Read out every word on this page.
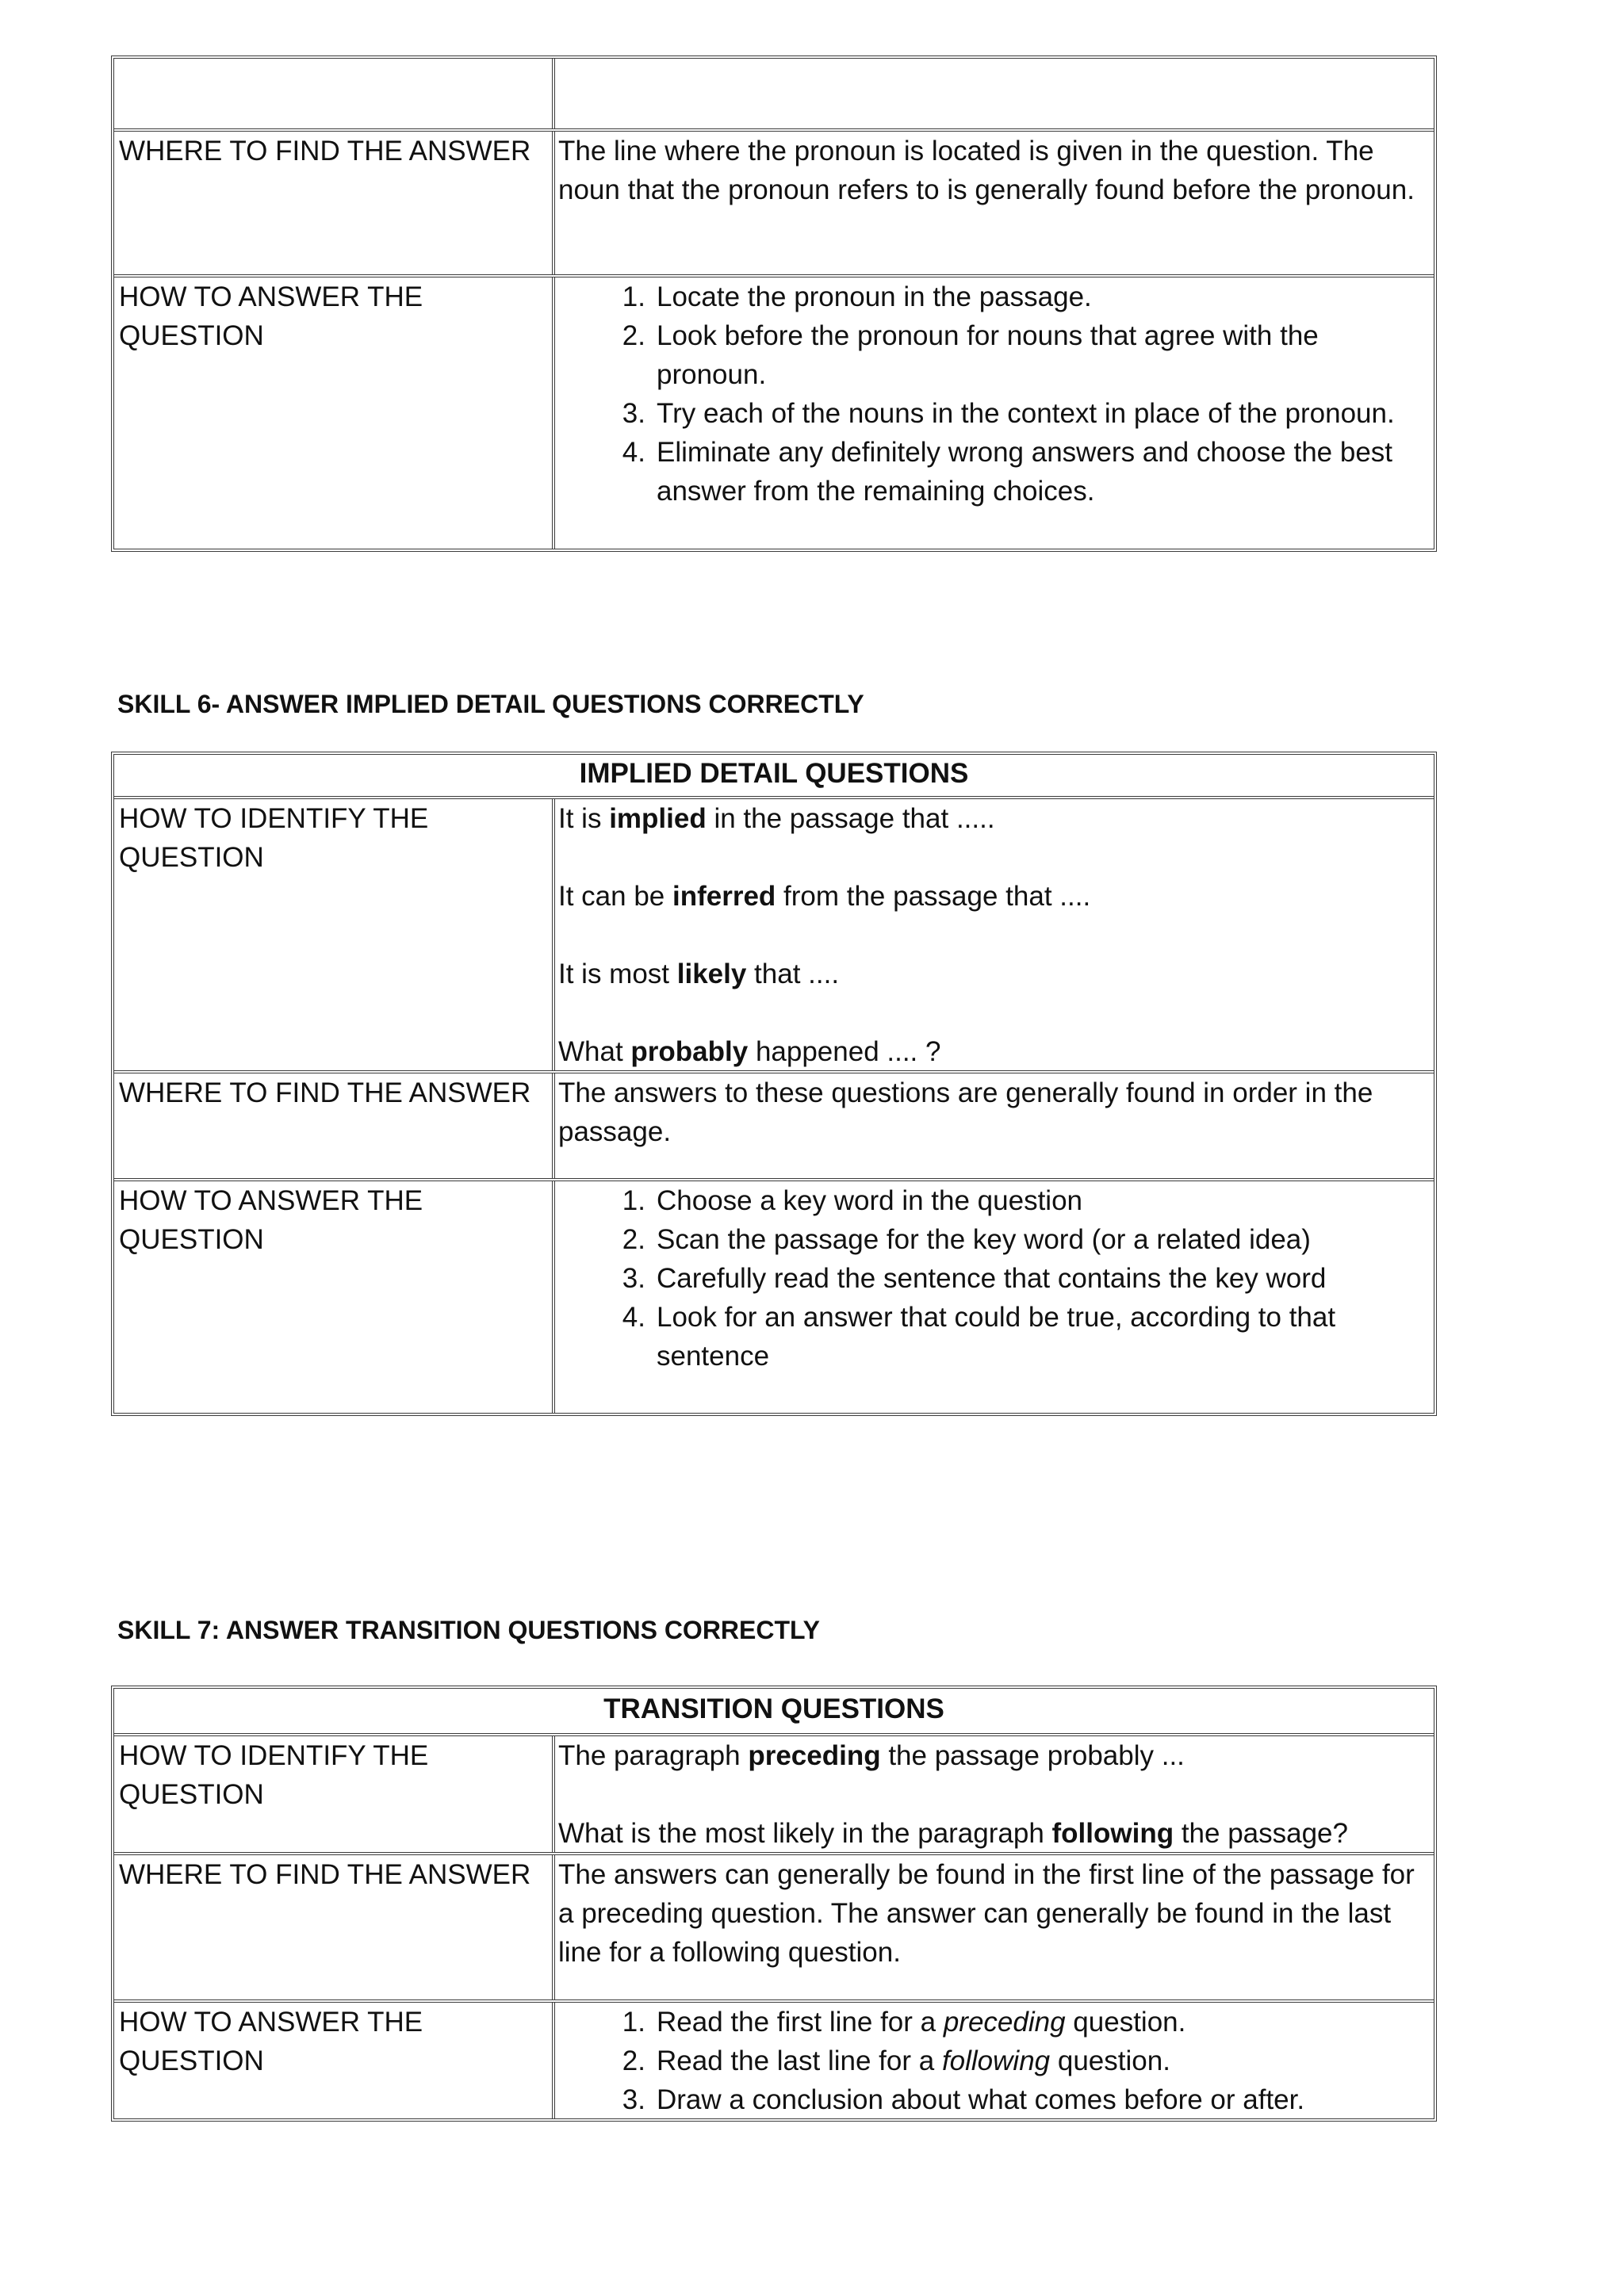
WHERE TO FIND THE ANSWER The line where the pronoun is located is given in the question. The noun that the pronoun refers to is generally found before the pronoun.
HOW TO ANSWER THE QUESTION
1. Locate the pronoun in the passage.
2. Look before the pronoun for nouns that agree with the pronoun.
3. Try each of the nouns in the context in place of the pronoun.
4. Eliminate any definitely wrong answers and choose the best answer from the remaining choices.
SKILL 6- ANSWER IMPLIED DETAIL QUESTIONS CORRECTLY
IMPLIED DETAIL QUESTIONS
HOW TO IDENTIFY THE QUESTION

It is implied in the passage that .....

It can be inferred from the passage that ....

It is most likely that ....

What probably happened .... ?

WHERE TO FIND THE ANSWER The answers to these questions are generally found in order in the passage.
HOW TO ANSWER THE QUESTION
1. Choose a key word in the question
2. Scan the passage for the key word (or a related idea)
3. Carefully read the sentence that contains the key word
4. Look for an answer that could be true, according to that sentence
SKILL 7: ANSWER TRANSITION QUESTIONS CORRECTLY
TRANSITION QUESTIONS
HOW TO IDENTIFY THE QUESTION

The paragraph preceding the passage probably ...

What is the most likely in the paragraph following the passage?

WHERE TO FIND THE ANSWER The answers can generally be found in the first line of the passage for a preceding question. The answer can generally be found in the last line for a following question.
HOW TO ANSWER THE QUESTION
1. Read the first line for a preceding question.
2. Read the last line for a following question.
3. Draw a conclusion about what comes before or after.
